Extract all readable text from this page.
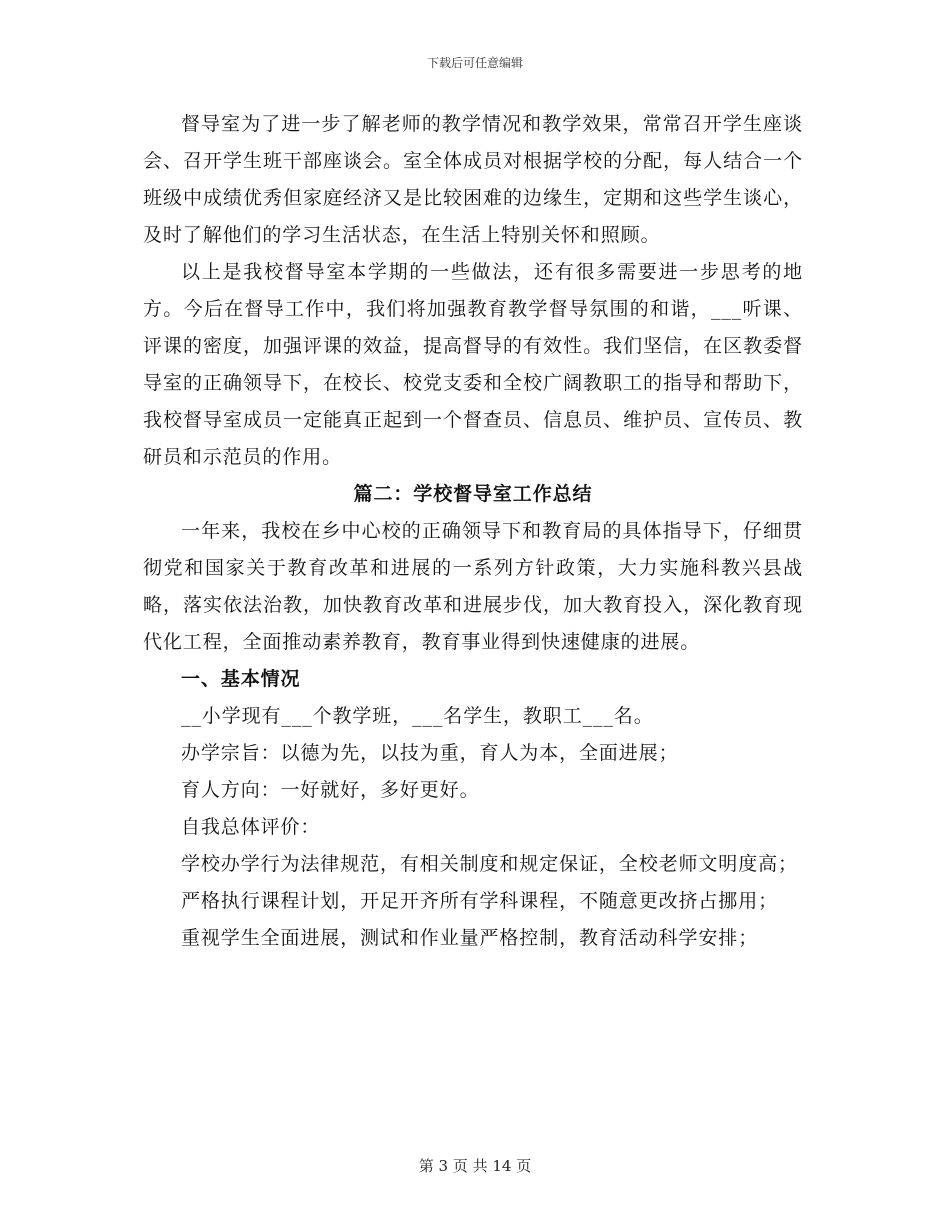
下载后可任意编辑

督导室为了进一步了解老师的教学情况和教学效果，常常召开学生座谈会、召开学生班干部座谈会。室全体成员对根据学校的分配，每人结合一个班级中成绩优秀但家庭经济又是比较困难的边缘生，定期和这些学生谈心，及时了解他们的学习生活状态，在生活上特别关怀和照顾。

以上是我校督导室本学期的一些做法，还有很多需要进一步思考的地方。今后在督导工作中，我们将加强教育教学督导氛围的和谐，___听课、评课的密度，加强评课的效益，提高督导的有效性。我们坚信，在区教委督导室的正确领导下，在校长、校党支委和全校广阔教职工的指导和帮助下，我校督导室成员一定能真正起到一个督查员、信息员、维护员、宣传员、教研员和示范员的作用。

篇二：学校督导室工作总结

一年来，我校在乡中心校的正确领导下和教育局的具体指导下，仔细贯彻党和国家关于教育改革和进展的一系列方针政策，大力实施科教兴县战略，落实依法治教，加快教育改革和进展步伐，加大教育投入，深化教育现代化工程，全面推动素养教育，教育事业得到快速健康的进展。

一、基本情况

__小学现有___个教学班，___名学生，教职工___名。

办学宗旨：以德为先，以技为重，育人为本，全面进展；

育人方向：一好就好，多好更好。

自我总体评价：

学校办学行为法律规范，有相关制度和规定保证，全校老师文明度高；

严格执行课程计划，开足开齐所有学科课程，不随意更改挤占挪用；

重视学生全面进展，测试和作业量严格控制，教育活动科学安排；

第 3 页 共 14 页
